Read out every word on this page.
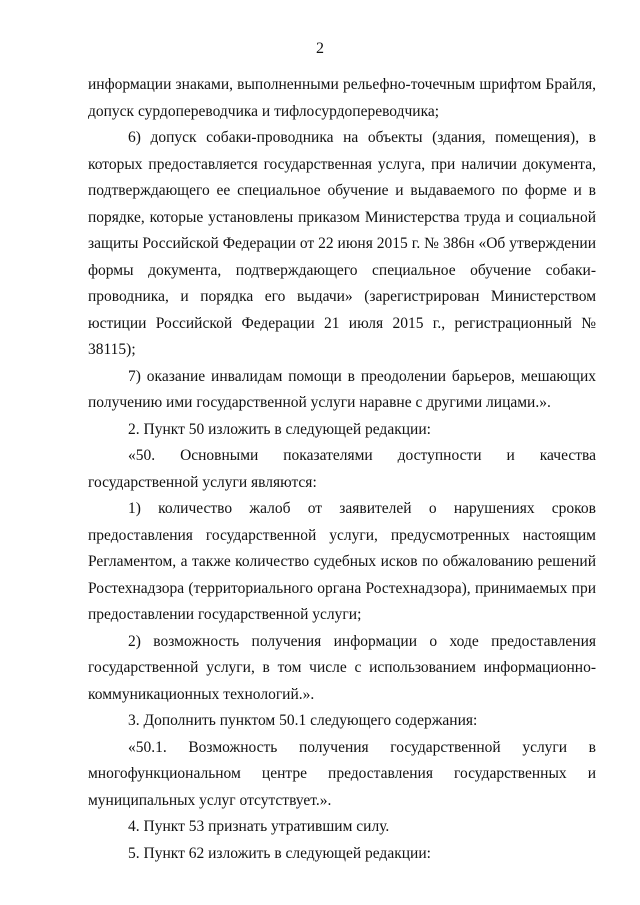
2

информации знаками, выполненными рельефно-точечным шрифтом Брайля, допуск сурдопереводчика и тифлосурдопереводчика;

6) допуск собаки-проводника на объекты (здания, помещения), в которых предоставляется государственная услуга, при наличии документа, подтверждающего ее специальное обучение и выдаваемого по форме и в порядке, которые установлены приказом Министерства труда и социальной защиты Российской Федерации от 22 июня 2015 г. № 386н «Об утверждении формы документа, подтверждающего специальное обучение собаки-проводника, и порядка его выдачи» (зарегистрирован Министерством юстиции Российской Федерации 21 июля 2015 г., регистрационный № 38115);

7) оказание инвалидам помощи в преодолении барьеров, мешающих получению ими государственной услуги наравне с другими лицами.».

2. Пункт 50 изложить в следующей редакции:

«50. Основными показателями доступности и качества государственной услуги являются:

1) количество жалоб от заявителей о нарушениях сроков предоставления государственной услуги, предусмотренных настоящим Регламентом, а также количество судебных исков по обжалованию решений Ростехнадзора (территориального органа Ростехнадзора), принимаемых при предоставлении государственной услуги;

2) возможность получения информации о ходе предоставления государственной услуги, в том числе с использованием информационно-коммуникационных технологий.».

3. Дополнить пунктом 50.1 следующего содержания:

«50.1. Возможность получения государственной услуги в многофункциональном центре предоставления государственных и муниципальных услуг отсутствует.».

4. Пункт 53 признать утратившим силу.

5. Пункт 62 изложить в следующей редакции:
